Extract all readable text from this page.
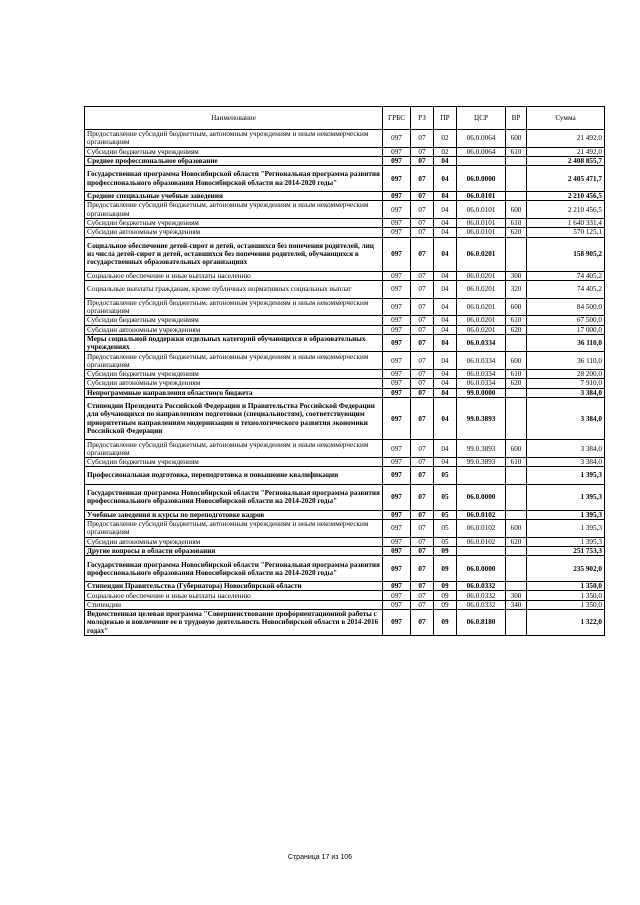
Наименование	ГРБС	РЗ	ПР	ЦСР	ВР	Сумма
Предоставление субсидий бюджетным, автономным учреждениям и иным некоммерческим организациям	097	07	02	06.0.0064	600	21 492,0
Субсидии бюджетным учреждениям	097	07	02	06.0.0064	610	21 492,0
Среднее профессиональное образование	097	07	04			2 408 855,7
Государственная программа Новосибирской области "Региональная программа развития профессионального образования Новосибирской области на 2014-2020 годы"	097	07	04	06.0.0000		2 405 471,7
Средние специальные учебные заведения	097	07	04	06.0.0101		2 210 456,5
Предоставление субсидий бюджетным, автономным учреждениям и иным некоммерческим организациям	097	07	04	06.0.0101	600	2 210 456,5
Субсидии бюджетным учреждениям	097	07	04	06.0.0101	610	1 640 331,4
Субсидии автономным учреждениям	097	07	04	06.0.0101	620	570 125,1
Социальное обеспечение детей-сирот и детей, оставшихся без попечения родителей, лиц из числа детей-сирот и детей, оставшихся без попечения родителей, обучающихся в государственных образовательных организациях	097	07	04	06.0.0201		158 905,2
Социальное обеспечение и иные выплаты населению	097	07	04	06.0.0201	300	74 405,2
Социальные выплаты гражданам, кроме публичных нормативных социальных выплат	097	07	04	06.0.0201	320	74 405,2
Предоставление субсидий бюджетным, автономным учреждениям и иным некоммерческим организациям	097	07	04	06.0.0201	600	84 500,0
Субсидии бюджетным учреждениям	097	07	04	06.0.0201	610	67 500,0
Субсидии автономным учреждениям	097	07	04	06.0.0201	620	17 000,0
Меры социальной поддержки отдельных категорий обучающихся в образовательных учреждениях	097	07	04	06.0.0334		36 110,0
Предоставление субсидий бюджетным, автономным учреждениям и иным некоммерческим организациям	097	07	04	06.0.0334	600	36 110,0
Субсидии бюджетным учреждениям	097	07	04	06.0.0334	610	28 200,0
Субсидии автономным учреждениям	097	07	04	06.0.0334	620	7 910,0
Непрограммные направления областного бюджета	097	07	04	99.0.0000		3 384,0
Стипендии Президента Российской Федерации и Правительства Российской Федерации для обучающихся по направлениям подготовки (специальностям), соответствующим приоритетным направлениям модернизации и технологического развития экономики Российской Федерации	097	07	04	99.0.3893		3 384,0
Предоставление субсидий бюджетным, автономным учреждениям и иным некоммерческим организациям	097	07	04	99.0.3893	600	3 384,0
Субсидии бюджетным учреждениям	097	07	04	99.0.3893	610	3 384,0
Профессиональная подготовка, переподготовка и повышение квалификации	097	07	05			1 395,3
Государственная программа Новосибирской области "Региональная программа развития профессионального образования Новосибирской области на 2014-2020 годы"	097	07	05	06.0.0000		1 395,3
Учебные заведения и курсы по переподготовке кадров	097	07	05	06.0.0102		1 395,3
Предоставление субсидий бюджетным, автономным учреждениям и иным некоммерческим организациям	097	07	05	06.0.0102	600	1 395,3
Субсидии автономным учреждениям	097	07	05	06.0.0102	620	1 395,3
Другие вопросы в области образования	097	07	09			251 753,3
Государственная программа Новосибирской области "Региональная программа развития профессионального образования Новосибирской области на 2014-2020 годы"	097	07	09	06.0.0000		235 902,0
Стипендии Правительства (Губернатора) Новосибирской области	097	07	09	06.0.0332		1 350,0
Социальное обеспечение и иные выплаты населению	097	07	09	06.0.0332	300	1 350,0
Стипендии	097	07	09	06.0.0332	340	1 350,0
Ведомственная целевая программа "Совершенствование профориентационной работы с молодежью и вовлечение ее в трудовую деятельность Новосибирской области в 2014-2016 годах"	097	07	09	06.0.8180		1 322,0
Страница 17 из 106
